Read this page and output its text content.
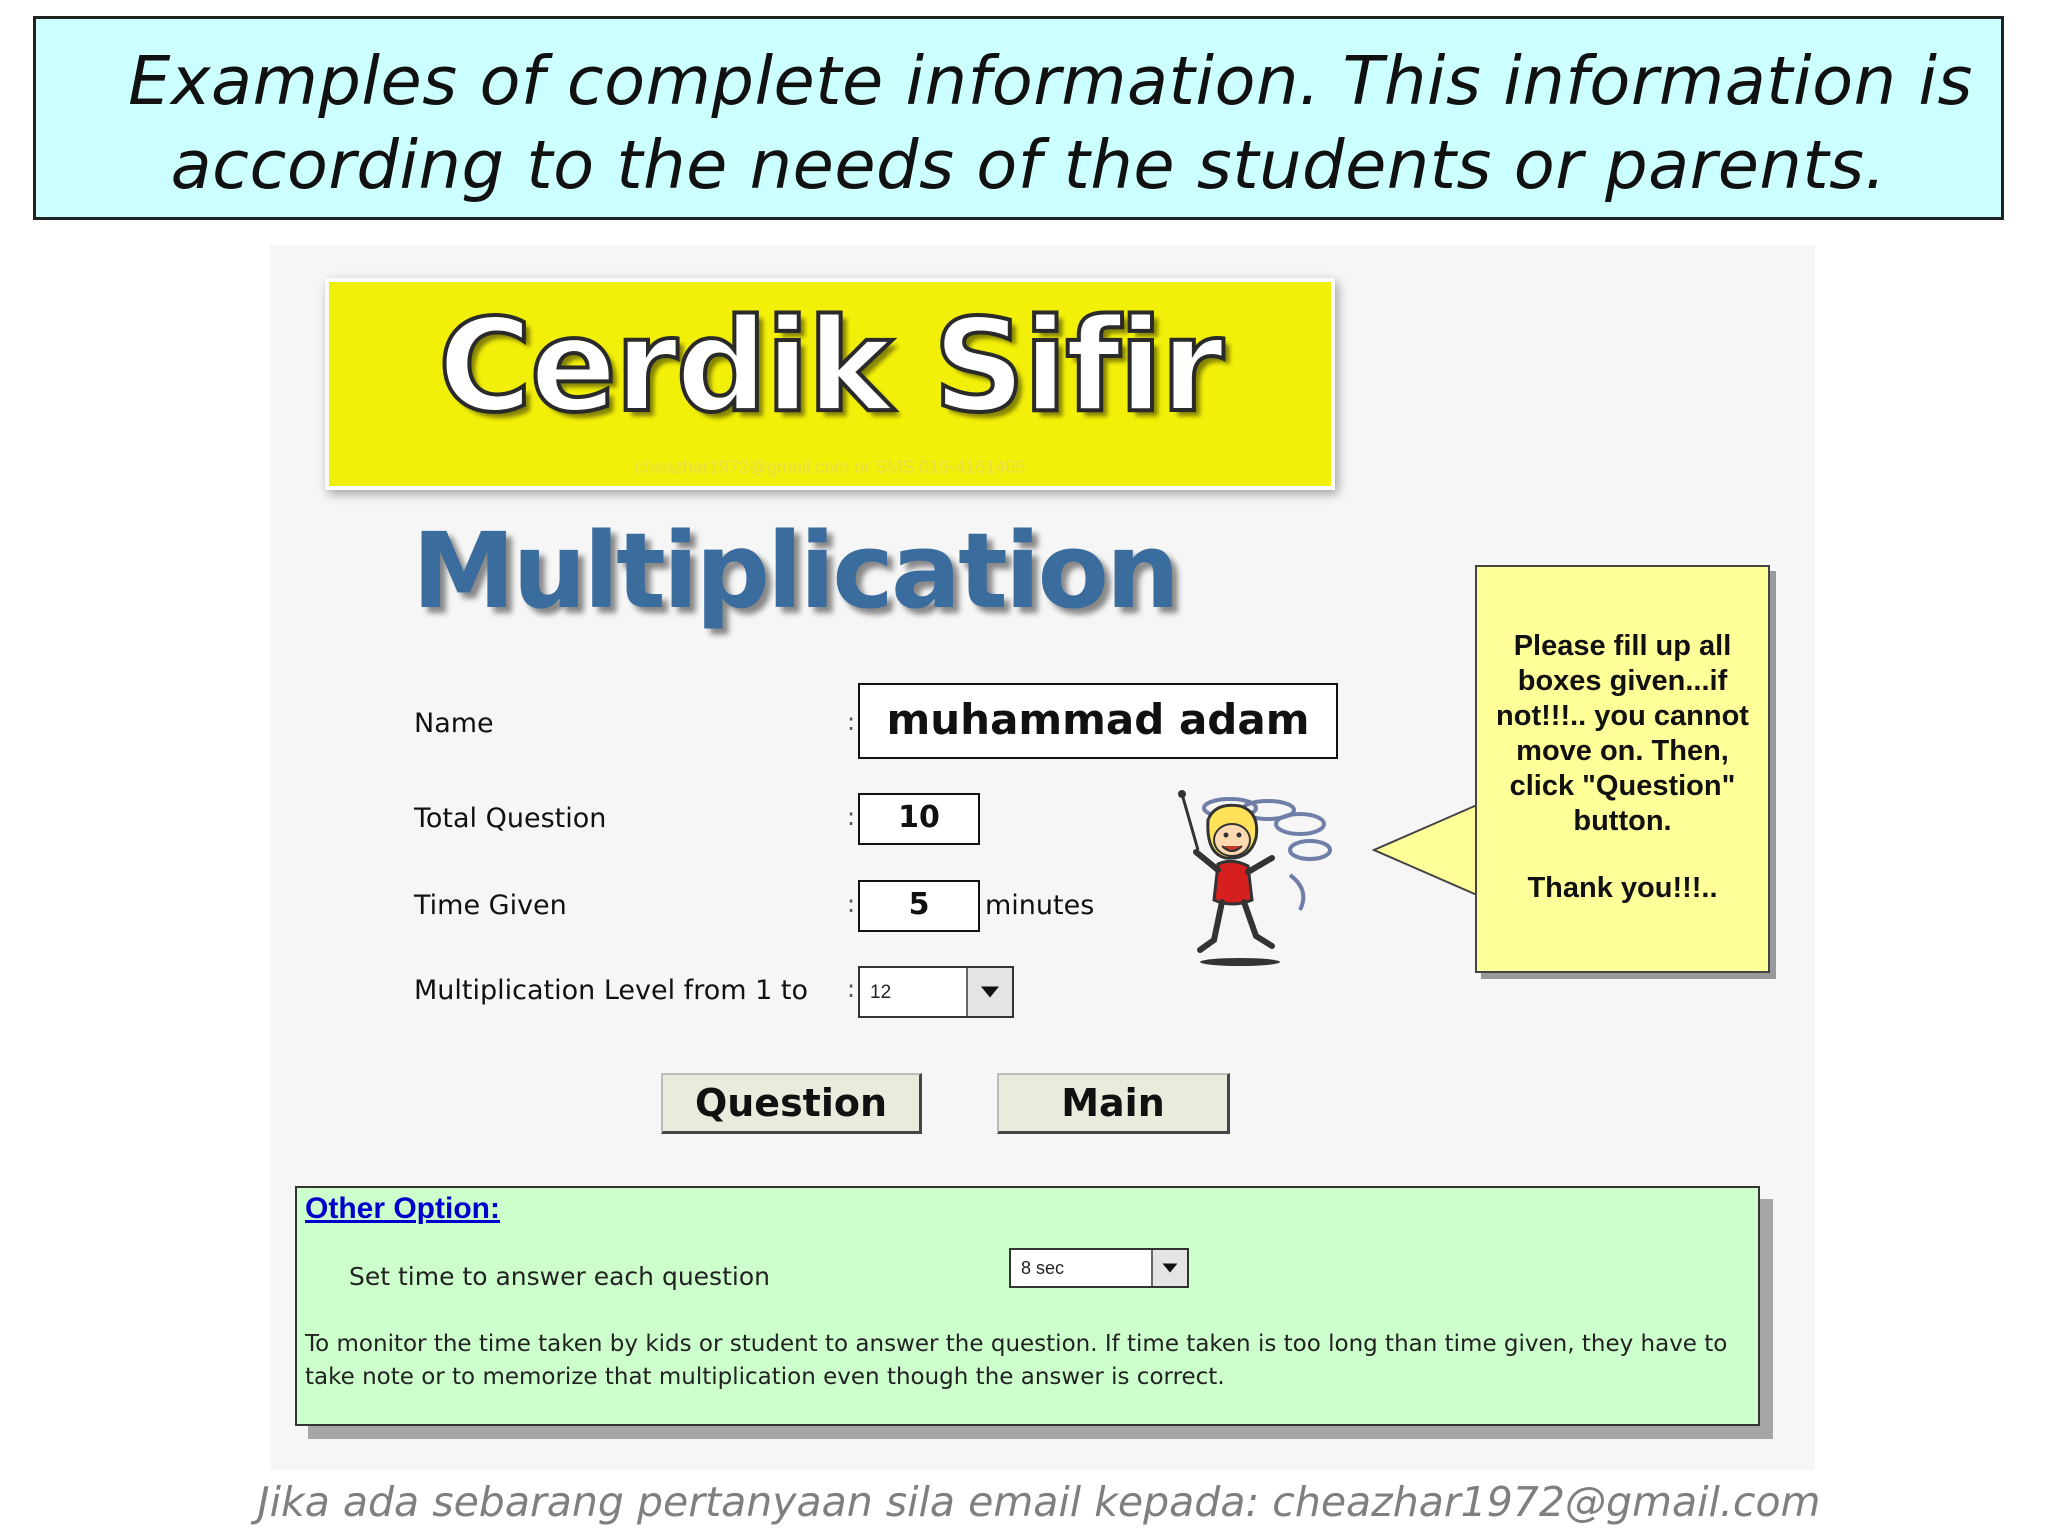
Examples of complete information. This information is
according to the needs of the students or parents.
Cerdik Sifir
cheazhar1972@gmail.com or SMS 019-4161405
Multiplication
Name	: muhammad adam
Total Question	:	10
Time Given	:	5	minutes
Multiplication Level from 1 to : 12
Question	Main
Please fill up all
boxes given...if
not!!!.. you cannot
move on. Then,
click "Question"
button.
Thank you!!!..
Other Option:
Set time to answer each question	8 sec
To monitor the time taken by kids or student to answer the question. If time taken is too long than time given, they have to take note or to memorize that multiplication even though the answer is correct.
Jika ada sebarang pertanyaan sila email kepada: cheazhar1972@gmail.com
